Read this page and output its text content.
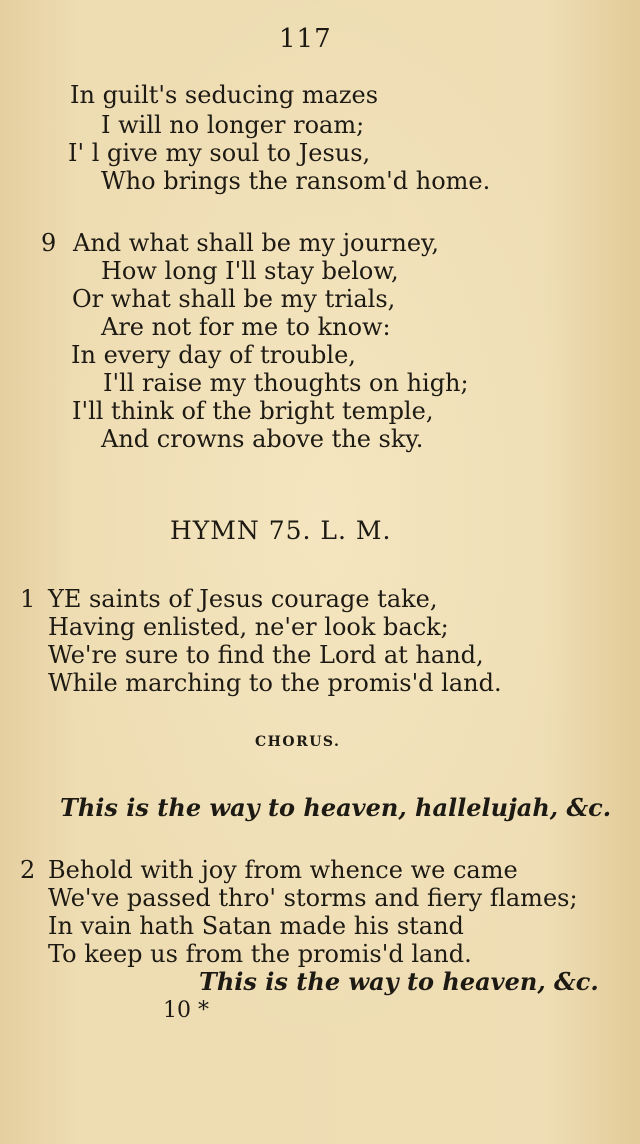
117
In guilt's seducing mazes
I will no longer roam;
I' l give my soul to Jesus,
Who brings the ransom'd home.
9 And what shall be my journey,
How long I'll stay below,
Or what shall be my trials,
Are not for me to know:
In every day of trouble,
I'll raise my thoughts on high;
I'll think of the bright temple,
And crowns above the sky.
HYMN 75. L. M.
1 YE saints of Jesus courage take,
Having enlisted, ne'er look back;
We're sure to find the Lord at hand,
While marching to the promis'd land.
CHORUS.
This is the way to heaven, hallelujah, &c.
2 Behold with joy from whence we came
We've passed thro' storms and fiery flames;
In vain hath Satan made his stand
To keep us from the promis'd land.
This is the way to heaven, &c.
10 *
